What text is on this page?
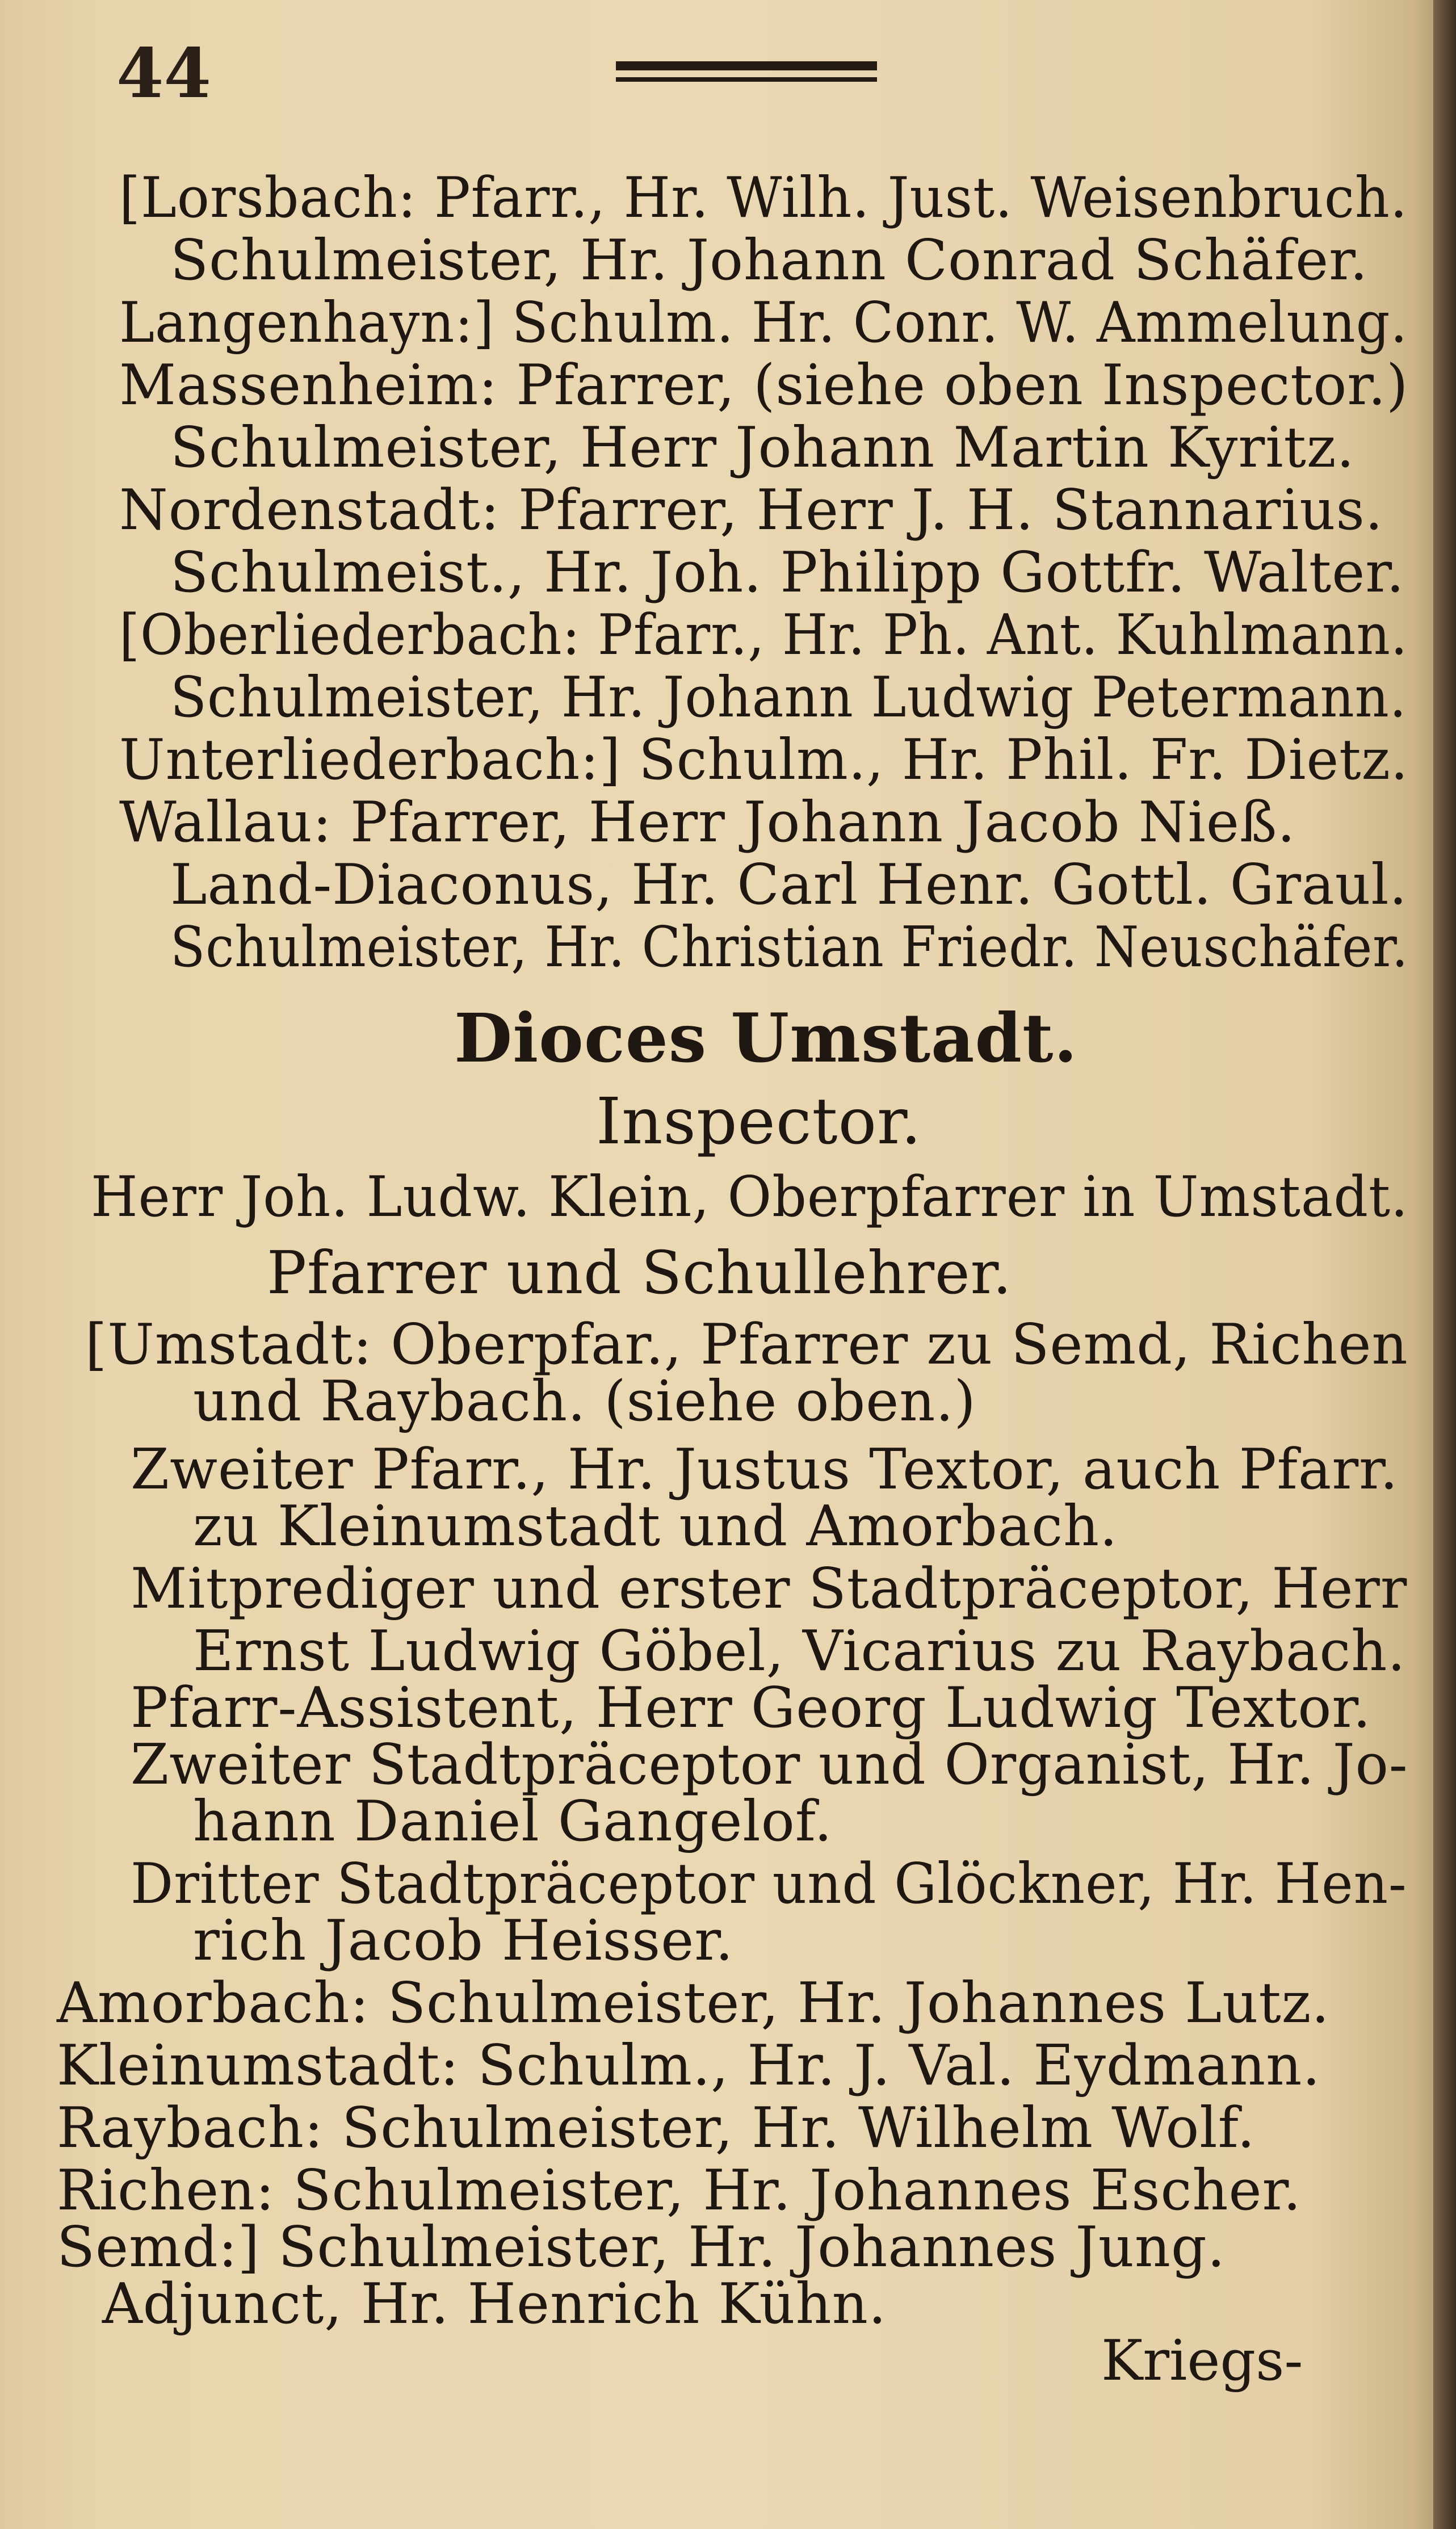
44
[Lorsbach: Pfarr., Hr. Wilh. Just. Weisenbruch.
Schulmeister, Hr. Johann Conrad Schäfer.
Langenhayn:] Schulm. Hr. Conr. W. Ammelung.
Massenheim: Pfarrer, (siehe oben Inspector.)
Schulmeister, Herr Johann Martin Kyritz.
Nordenstadt: Pfarrer, Herr J. H. Stannarius.
Schulmeist., Hr. Joh. Philipp Gottfr. Walter.
[Oberliederbach: Pfarr., Hr. Ph. Ant. Kuhlmann.
Schulmeister, Hr. Johann Ludwig Petermann.
Unterliederbach:] Schulm., Hr. Phil. Fr. Dietz.
Wallau: Pfarrer, Herr Johann Jacob Nieß.
Land-Diaconus, Hr. Carl Henr. Gottl. Graul.
Schulmeister, Hr. Christian Friedr. Neuschäfer.
Dioces Umstadt.
Inspector.
Herr Joh. Ludw. Klein, Oberpfarrer in Umstadt.
Pfarrer und Schullehrer.
[Umstadt: Oberpfar., Pfarrer zu Semd, Richen
und Raybach. (siehe oben.)
Zweiter Pfarr., Hr. Justus Textor, auch Pfarr.
zu Kleinumstadt und Amorbach.
Mitprediger und erster Stadtpräceptor, Herr
Ernst Ludwig Göbel, Vicarius zu Raybach.
Pfarr-Assistent, Herr Georg Ludwig Textor.
Zweiter Stadtpräceptor und Organist, Hr. Jo-
hann Daniel Gangelof.
Dritter Stadtpräceptor und Glöckner, Hr. Hen-
rich Jacob Heisser.
Amorbach: Schulmeister, Hr. Johannes Lutz.
Kleinumstadt: Schulm., Hr. J. Val. Eydmann.
Raybach: Schulmeister, Hr. Wilhelm Wolf.
Richen: Schulmeister, Hr. Johannes Escher.
Semd:] Schulmeister, Hr. Johannes Jung.
Adjunct, Hr. Henrich Kühn.
Kriegs-
